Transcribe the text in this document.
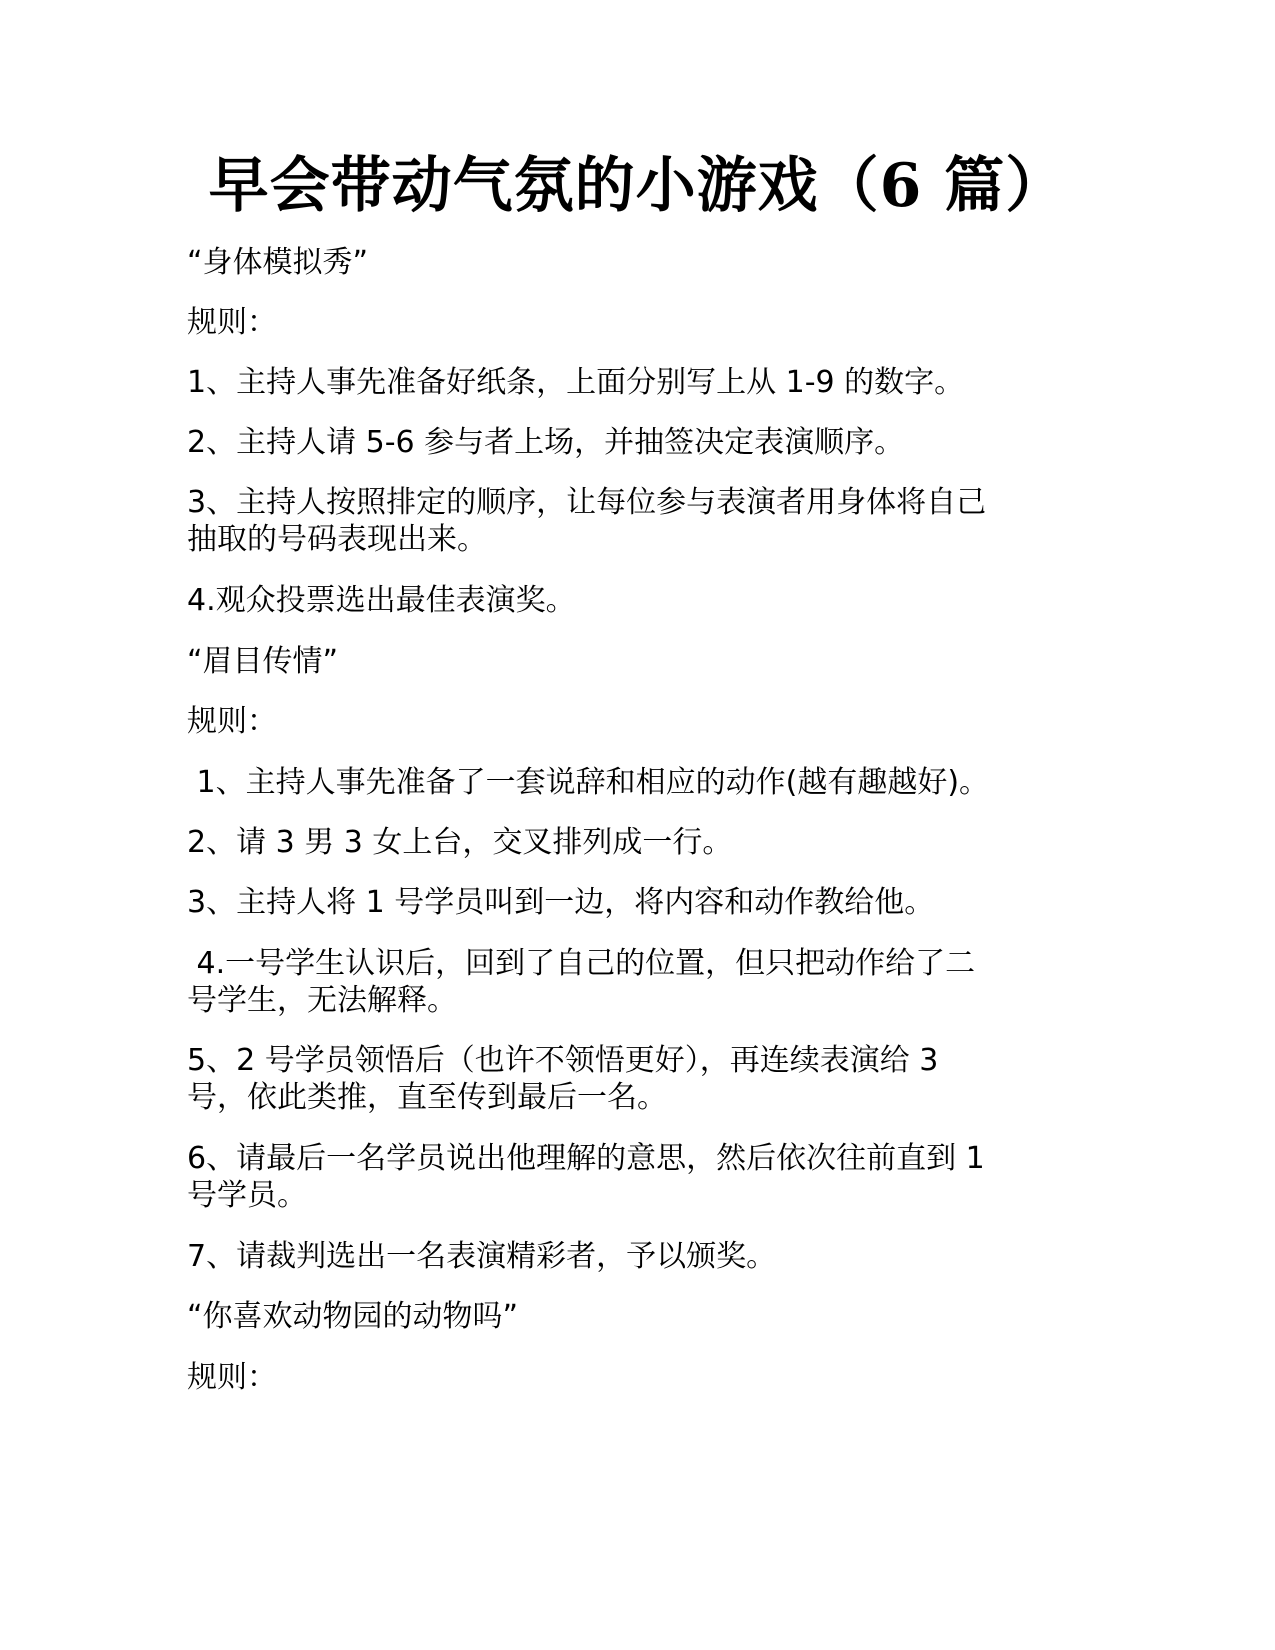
早会带动气氛的小游戏（6 篇）

“身体模拟秀”

规则：

1、主持人事先准备好纸条，上面分别写上从 1-9 的数字。

2、主持人请 5-6 参与者上场，并抽签决定表演顺序。

3、主持人按照排定的顺序，让每位参与表演者用身体将自己
抽取的号码表现出来。

4.观众投票选出最佳表演奖。

“眉目传情”

规则：

1、主持人事先准备了一套说辞和相应的动作(越有趣越好)。

2、请 3 男 3 女上台，交叉排列成一行。

3、主持人将 1 号学员叫到一边，将内容和动作教给他。

4.一号学生认识后，回到了自己的位置，但只把动作给了二
号学生，无法解释。

5、2 号学员领悟后（也许不领悟更好），再连续表演给 3
号，依此类推，直至传到最后一名。

6、请最后一名学员说出他理解的意思，然后依次往前直到 1
号学员。

7、请裁判选出一名表演精彩者，予以颁奖。

“你喜欢动物园的动物吗”

规则：
